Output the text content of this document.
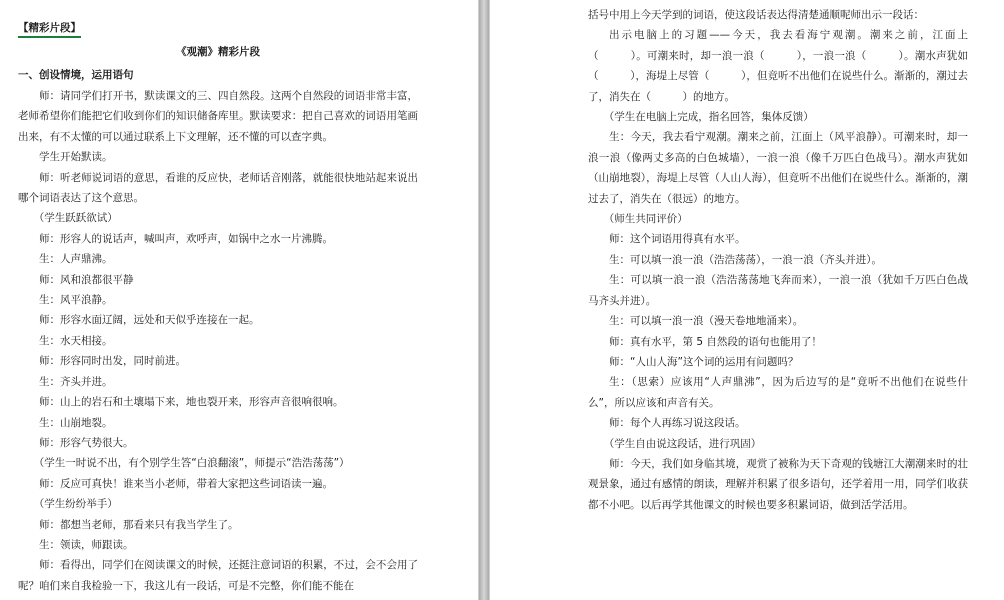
【精彩片段】
《观潮》精彩片段
一、创设情境，运用语句

师：请同学们打开书，默读课文的三、四自然段。这两个自然段的词语非常丰富，老师希望你们能把它们收到你们的知识储备库里。默读要求：把自己喜欢的词语用笔画出来，有不太懂的可以通过联系上下文理解，还不懂的可以查字典。

学生开始默读。

师：听老师说词语的意思，看谁的反应快，老师话音刚落，就能很快地站起来说出哪个词语表达了这个意思。

（学生跃跃欲试）

师：形容人的说话声，喊叫声，欢呼声，如锅中之水一片沸腾。

生：人声鼎沸。

师：风和浪都很平静

生：风平浪静。

师：形容水面辽阔，远处和天似乎连接在一起。

生：水天相接。

师：形容同时出发，同时前进。

生：齐头并进。

师：山上的岩石和土壤塌下来，地也裂开来，形容声音很响很响。

生：山崩地裂。

师：形容气势很大。

（学生一时说不出，有个别学生答“白浪翻滚”，师提示“浩浩荡荡”）

师：反应可真快！谁来当小老师，带着大家把这些词语读一遍。

（学生纷纷举手）

师：都想当老师，那看来只有我当学生了。

生：领读，师跟读。

师：看得出，同学们在阅读课文的时候，还挺注意词语的积累，不过，会不会用了呢？咱们来自我检验一下，我这儿有一段话，可是不完整，你们能不能在

括号中用上今天学到的词语，使这段话表达得清楚通顺呢师出示一段话：

出示电脑上的习题——今天，我去看海宁观潮。潮来之前，江面上（　　　）。可潮来时，却一浪一浪（　　　），一浪一浪（　　　）。潮水声犹如（　　　），海堤上尽管（　　　），但竟听不出他们在说些什么。渐渐的，潮过去了，消失在（　　　）的地方。

（学生在电脑上完成，指名回答，集体反馈）

生：今天，我去看宁观潮。潮来之前，江面上（风平浪静）。可潮来时，却一浪一浪（像两丈多高的白色城墙），一浪一浪（像千万匹白色战马）。潮水声犹如（山崩地裂），海堤上尽管（人山人海），但竟听不出他们在说些什么。渐渐的，潮过去了，消失在（很远）的地方。

（师生共同评价）

师：这个词语用得真有水平。

生：可以填一浪一浪（浩浩荡荡），一浪一浪（齐头并进）。

生：可以填一浪一浪（浩浩荡荡地飞奔而来），一浪一浪（犹如千万匹白色战马齐头并进）。

生：可以填一浪一浪（漫天卷地地涌来）。

师：真有水平，第 5 自然段的语句也能用了！

师：“人山人海”这个词的运用有问题吗？

生：（思索）应该用“人声鼎沸”，因为后边写的是“竟听不出他们在说些什么”，所以应该和声音有关。

师：每个人再练习说这段话。

（学生自由说这段话，进行巩固）

师：今天，我们如身临其境，观赏了被称为天下奇观的钱塘江大潮潮来时的壮观景象，通过有感情的朗读，理解并积累了很多语句，还学着用一用，同学们收获都不小吧。以后再学其他课文的时候也要多积累词语，做到活学活用。
